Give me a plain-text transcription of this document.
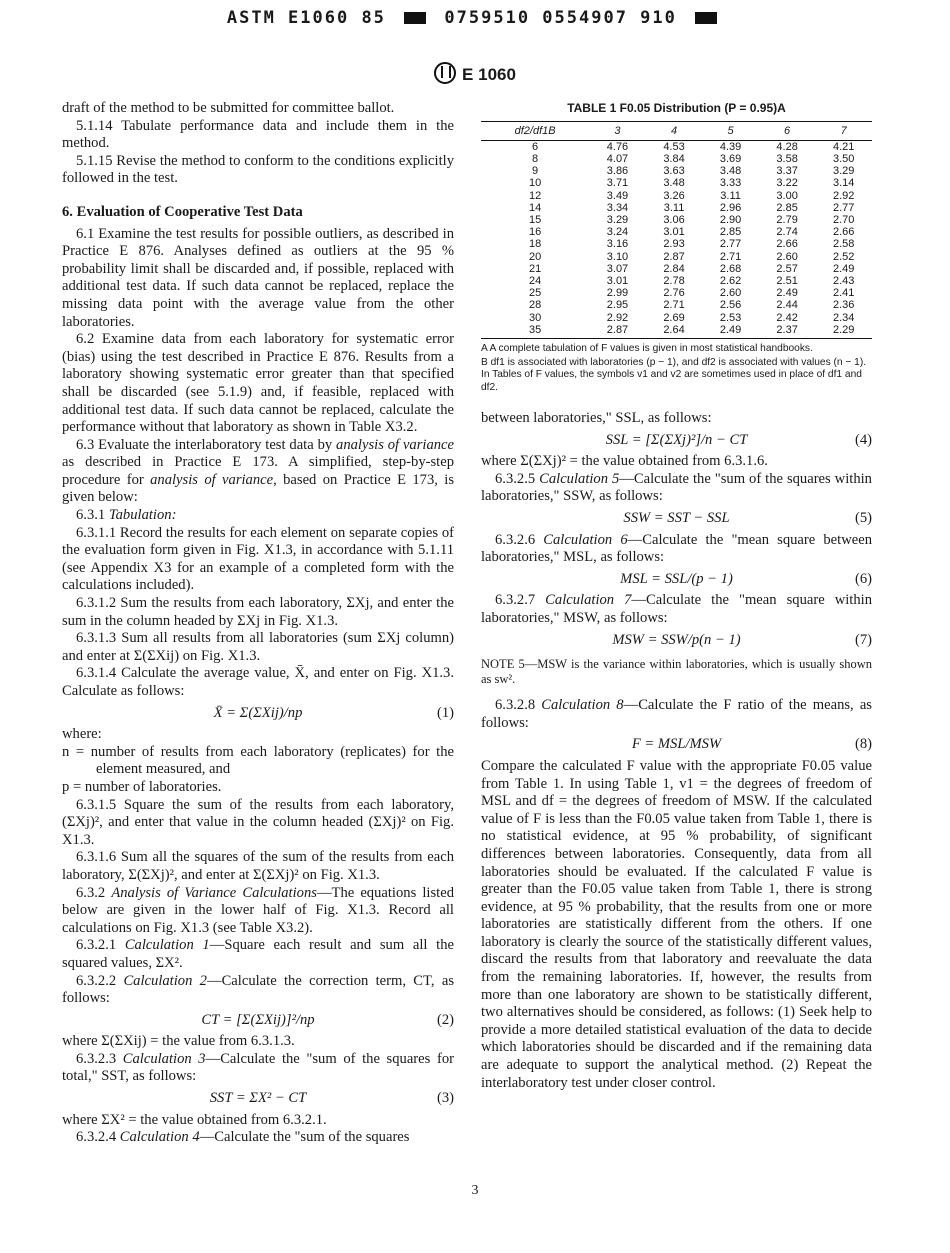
ASTM E1060 85	0759510 0554907 910
E 1060

draft of the method to be submitted for committee ballot.

5.1.14 Tabulate performance data and include them in the method.

5.1.15 Revise the method to conform to the conditions explicitly followed in the test.

6. Evaluation of Cooperative Test Data

6.1 Examine the test results for possible outliers, as described in Practice E 876. Analyses defined as outliers at the 95 % probability limit shall be discarded and, if possible, replaced with additional test data. If such data cannot be replaced, replace the missing data point with the average value from the other laboratories.

6.2 Examine data from each laboratory for systematic error (bias) using the test described in Practice E 876. Results from a laboratory showing systematic error greater than that specified shall be discarded (see 5.1.9) and, if feasible, replaced with additional test data. If such data cannot be replaced, calculate the performance without that laboratory as shown in Table X3.2.

6.3 Evaluate the interlaboratory test data by analysis of variance as described in Practice E 173. A simplified, step-by-step procedure for analysis of variance, based on Practice E 173, is given below:

6.3.1 Tabulation:

6.3.1.1 Record the results for each element on separate copies of the evaluation form given in Fig. X1.3, in accordance with 5.1.11 (see Appendix X3 for an example of a completed form with the calculations included).

6.3.1.2 Sum the results from each laboratory, ΣXj, and enter the sum in the column headed by ΣXj in Fig. X1.3.

6.3.1.3 Sum all results from all laboratories (sum ΣXj column) and enter at Σ(ΣXij) on Fig. X1.3.

6.3.1.4 Calculate the average value, X̄, and enter on Fig. X1.3. Calculate as follows:

X̄ = Σ(ΣXij)/np	(1)

where:

n = number of results from each laboratory (replicates) for the element measured, and

p = number of laboratories.

6.3.1.5 Square the sum of the results from each laboratory, (ΣXj)², and enter that value in the column headed (ΣXj)² on Fig. X1.3.

6.3.1.6 Sum all the squares of the sum of the results from each laboratory, Σ(ΣXj)², and enter at Σ(ΣXj)² on Fig. X1.3.

6.3.2 Analysis of Variance Calculations—The equations listed below are given in the lower half of Fig. X1.3. Record all calculations on Fig. X1.3 (see Table X3.2).

6.3.2.1 Calculation 1—Square each result and sum all the squared values, ΣX².

6.3.2.2 Calculation 2—Calculate the correction term, CT, as follows:

CT = [Σ(ΣXij)]²/np	(2)

where Σ(ΣXij) = the value from 6.3.1.3.

6.3.2.3 Calculation 3—Calculate the "sum of the squares for total," SST, as follows:

SST = ΣX² − CT	(3)

where ΣX² = the value obtained from 6.3.2.1.

6.3.2.4 Calculation 4—Calculate the "sum of the squares

TABLE 1 F0.05 Distribution (P = 0.95)A
df2/df1B	3	4	5	6	7
6	4.76	4.53	4.39	4.28	4.21
8	4.07	3.84	3.69	3.58	3.50
9	3.86	3.63	3.48	3.37	3.29
10	3.71	3.48	3.33	3.22	3.14
12	3.49	3.26	3.11	3.00	2.92
14	3.34	3.11	2.96	2.85	2.77
15	3.29	3.06	2.90	2.79	2.70
16	3.24	3.01	2.85	2.74	2.66
18	3.16	2.93	2.77	2.66	2.58
20	3.10	2.87	2.71	2.60	2.52
21	3.07	2.84	2.68	2.57	2.49
24	3.01	2.78	2.62	2.51	2.43
25	2.99	2.76	2.60	2.49	2.41
28	2.95	2.71	2.56	2.44	2.36
30	2.92	2.69	2.53	2.42	2.34
35	2.87	2.64	2.49	2.37	2.29
A A complete tabulation of F values is given in most statistical handbooks.
B df1 is associated with laboratories (p − 1), and df2 is associated with values (n − 1). In Tables of F values, the symbols v1 and v2 are sometimes used in place of df1 and df2.

between laboratories," SSL, as follows:

SSL = [Σ(ΣXj)²]/n − CT	(4)

where Σ(ΣXj)² = the value obtained from 6.3.1.6.

6.3.2.5 Calculation 5—Calculate the "sum of the squares within laboratories," SSW, as follows:

SSW = SST − SSL	(5)

6.3.2.6 Calculation 6—Calculate the "mean square between laboratories," MSL, as follows:

MSL = SSL/(p − 1)	(6)

6.3.2.7 Calculation 7—Calculate the "mean square within laboratories," MSW, as follows:

MSW = SSW/p(n − 1)	(7)

NOTE 5—MSW is the variance within laboratories, which is usually shown as sw².

6.3.2.8 Calculation 8—Calculate the F ratio of the means, as follows:

F = MSL/MSW	(8)

Compare the calculated F value with the appropriate F0.05 value from Table 1. In using Table 1, v1 = the degrees of freedom of MSL and df = the degrees of freedom of MSW. If the calculated value of F is less than the F0.05 value taken from Table 1, there is no statistical evidence, at 95 % probability, of significant differences between laboratories. Consequently, data from all laboratories should be evaluated. If the calculated F value is greater than the F0.05 value taken from Table 1, there is strong evidence, at 95 % probability, that the results from one or more laboratories are statistically different from the others. If one laboratory is clearly the source of the statistically different values, discard the results from that laboratory and reevaluate the data from the remaining laboratories. If, however, the results from more than one laboratory are shown to be statistically different, two alternatives should be considered, as follows: (1) Seek help to provide a more detailed statistical evaluation of the data to decide which laboratories should be discarded and if the remaining data are adequate to support the analytical method. (2) Repeat the interlaboratory test under closer control.

3
